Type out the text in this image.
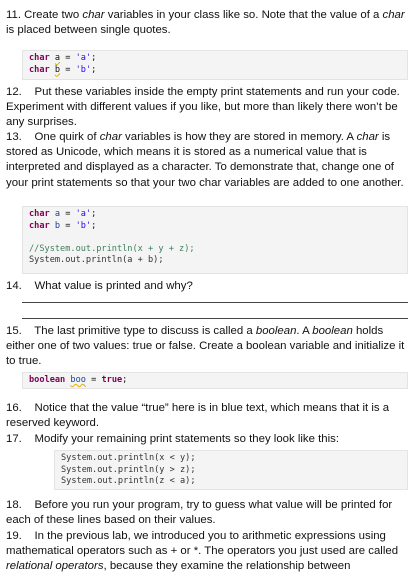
11. Create two char variables in your class like so. Note that the value of a char is placed between single quotes.
char a = 'a';
char b = 'b';
12.    Put these variables inside the empty print statements and run your code. Experiment with different values if you like, but more than likely there won’t be any surprises.
13.    One quirk of char variables is how they are stored in memory. A char is stored as Unicode, which means it is stored as a numerical value that is interpreted and displayed as a character. To demonstrate that, change one of your print statements so that your two char variables are added to one another.
char a = 'a';
char b = 'b';

//System.out.println(x + y + z);
System.out.println(a + b);
14.    What value is printed and why?
15.    The last primitive type to discuss is called a boolean. A boolean holds either one of two values: true or false. Create a boolean variable and initialize it to true.
boolean boo = true;
16.    Notice that the value “true” here is in blue text, which means that it is a reserved keyword.
17.    Modify your remaining print statements so they look like this:
System.out.println(x < y);
System.out.println(y > z);
System.out.println(z < a);
18.    Before you run your program, try to guess what value will be printed for each of these lines based on their values.
19.    In the previous lab, we introduced you to arithmetic expressions using mathematical operators such as + or *. The operators you just used are called relational operators, because they examine the relationship between
